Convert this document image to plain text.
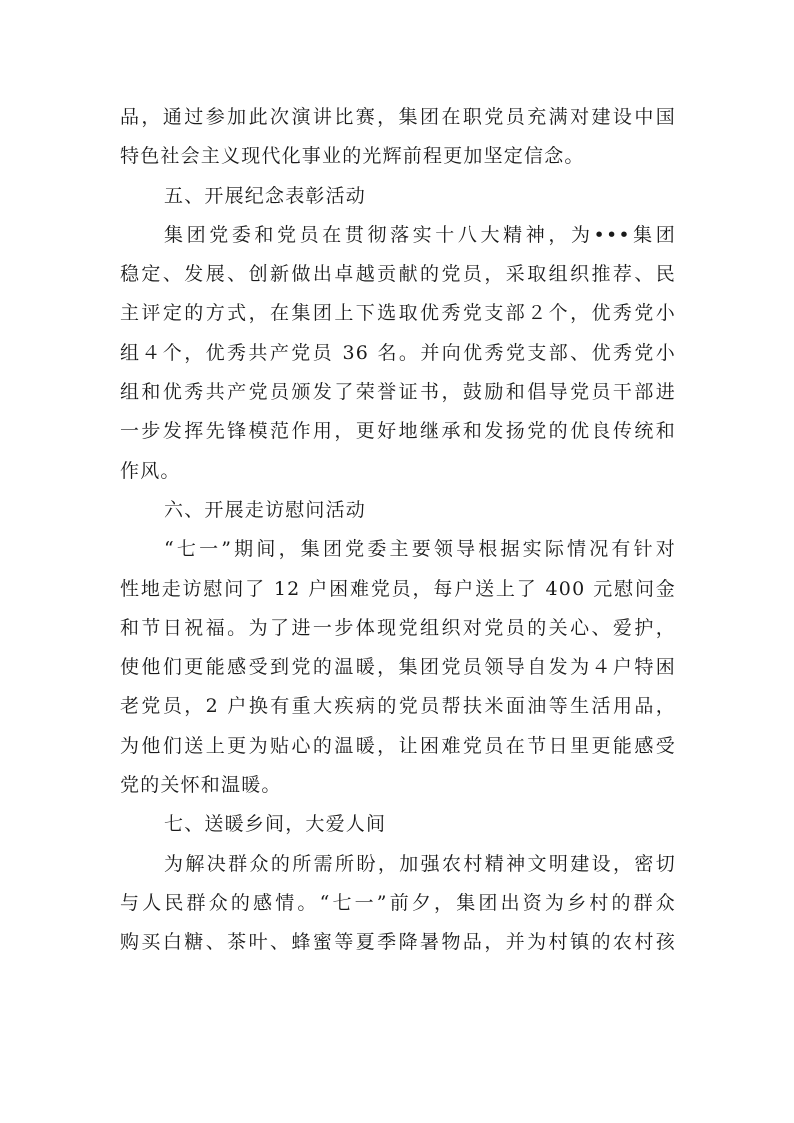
品，通过参加此次演讲比赛，集团在职党员充满对建设中国
特色社会主义现代化事业的光辉前程更加坚定信念。
五、开展纪念表彰活动
集团党委和党员在贯彻落实十八大精神，为•••集团
稳定、发展、创新做出卓越贡献的党员，采取组织推荐、民
主评定的方式，在集团上下选取优秀党支部２个，优秀党小
组４个，优秀共产党员 36 名。并向优秀党支部、优秀党小
组和优秀共产党员颁发了荣誉证书，鼓励和倡导党员干部进
一步发挥先锋模范作用，更好地继承和发扬党的优良传统和
作风。
六、开展走访慰问活动
“七一”期间，集团党委主要领导根据实际情况有针对
性地走访慰问了 12 户困难党员，每户送上了 400 元慰问金
和节日祝福。为了进一步体现党组织对党员的关心、爱护，
使他们更能感受到党的温暖，集团党员领导自发为４户特困
老党员，2 户换有重大疾病的党员帮扶米面油等生活用品，
为他们送上更为贴心的温暖，让困难党员在节日里更能感受
党的关怀和温暖。
七、送暖乡间，大爱人间
为解决群众的所需所盼，加强农村精神文明建设，密切
与人民群众的感情。“七一”前夕，集团出资为乡村的群众
购买白糖、茶叶、蜂蜜等夏季降暑物品，并为村镇的农村孩
